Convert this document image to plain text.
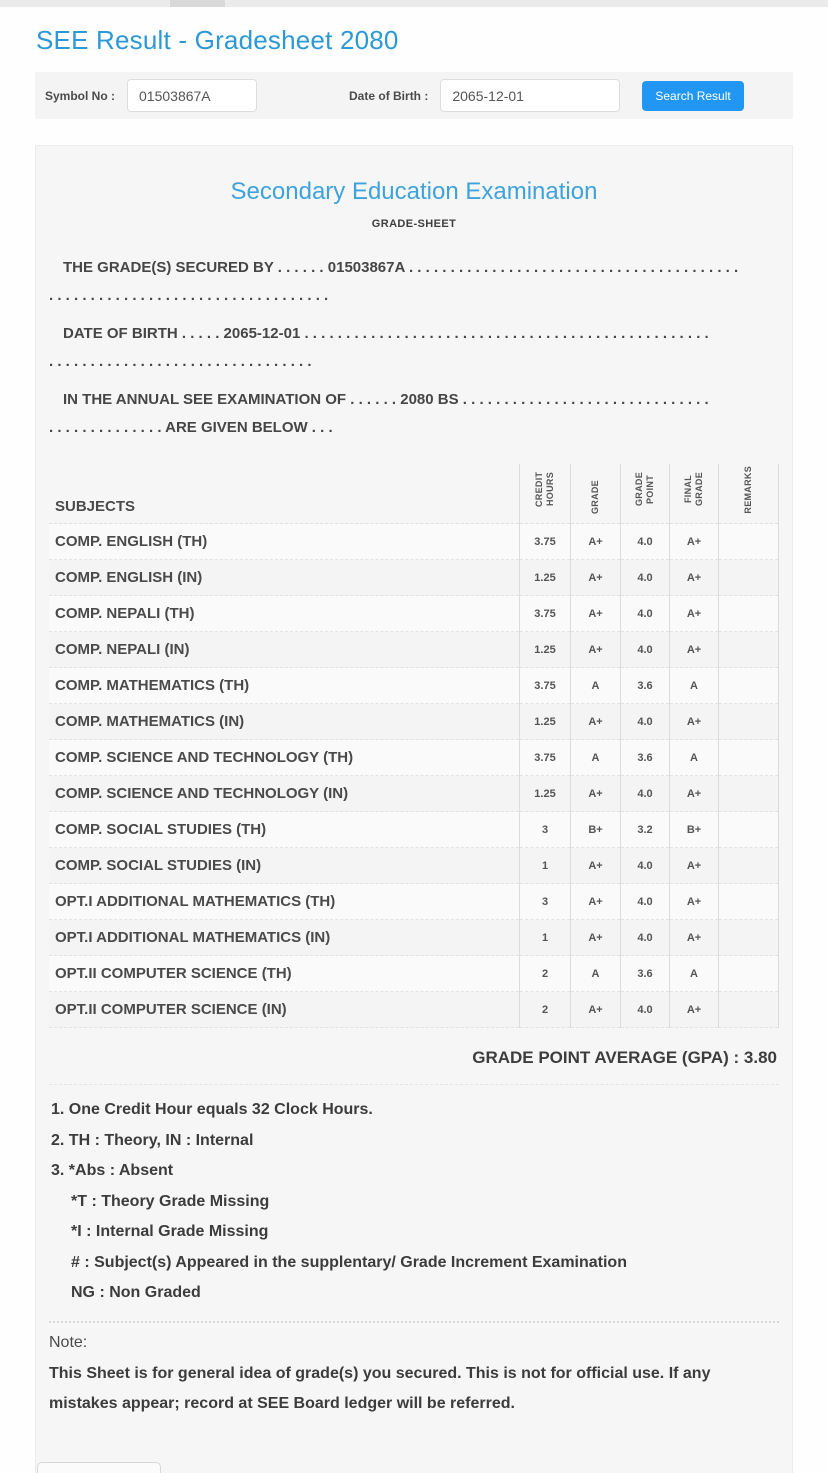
SEE Result - Gradesheet 2080
Symbol No :
01503867A	Date of Birth :
2065-12-01	Search Result
Secondary Education Examination
GRADE-SHEET
THE GRADE(S) SECURED BY . . . . . . 01503867A . . . . . . . . . . . . . . . . . . . . . . . . . . . . . . . . . . . . . . . .
. . . . . . . . . . . . . . . . . . . . . . . . . . . . . . . . . .
DATE OF BIRTH . . . . . 2065-12-01 . . . . . . . . . . . . . . . . . . . . . . . . . . . . . . . . . . . . . . . . . . . . . . . . .
. . . . . . . . . . . . . . . . . . . . . . . . . . . . . . . .
IN THE ANNUAL SEE EXAMINATION OF . . . . . . 2080 BS . . . . . . . . . . . . . . . . . . . . . . . . . . . . . .
. . . . . . . . . . . . . . ARE GIVEN BELOW . . .
SUBJECTS	CREDIT HOURS	GRADE	GRADE POINT	FINAL GRADE	REMARKS
COMP. ENGLISH (TH)	3.75	A+	4.0	A+	
COMP. ENGLISH (IN)	1.25	A+	4.0	A+	
COMP. NEPALI (TH)	3.75	A+	4.0	A+	
COMP. NEPALI (IN)	1.25	A+	4.0	A+	
COMP. MATHEMATICS (TH)	3.75	A	3.6	A	
COMP. MATHEMATICS (IN)	1.25	A+	4.0	A+	
COMP. SCIENCE AND TECHNOLOGY (TH)	3.75	A	3.6	A	
COMP. SCIENCE AND TECHNOLOGY (IN)	1.25	A+	4.0	A+	
COMP. SOCIAL STUDIES (TH)	3	B+	3.2	B+	
COMP. SOCIAL STUDIES (IN)	1	A+	4.0	A+	
OPT.I ADDITIONAL MATHEMATICS (TH)	3	A+	4.0	A+	
OPT.I ADDITIONAL MATHEMATICS (IN)	1	A+	4.0	A+	
OPT.II COMPUTER SCIENCE (TH)	2	A	3.6	A	
OPT.II COMPUTER SCIENCE (IN)	2	A+	4.0	A+	
GRADE POINT AVERAGE (GPA) : 3.80
1. One Credit Hour equals 32 Clock Hours.
2. TH : Theory, IN : Internal
3. *Abs : Absent
*T : Theory Grade Missing
*I : Internal Grade Missing
# : Subject(s) Appeared in the supplentary/ Grade Increment Examination
NG : Non Graded
Note:
This Sheet is for general idea of grade(s) you secured. This is not for official use. If any mistakes appear; record at SEE Board ledger will be referred.
